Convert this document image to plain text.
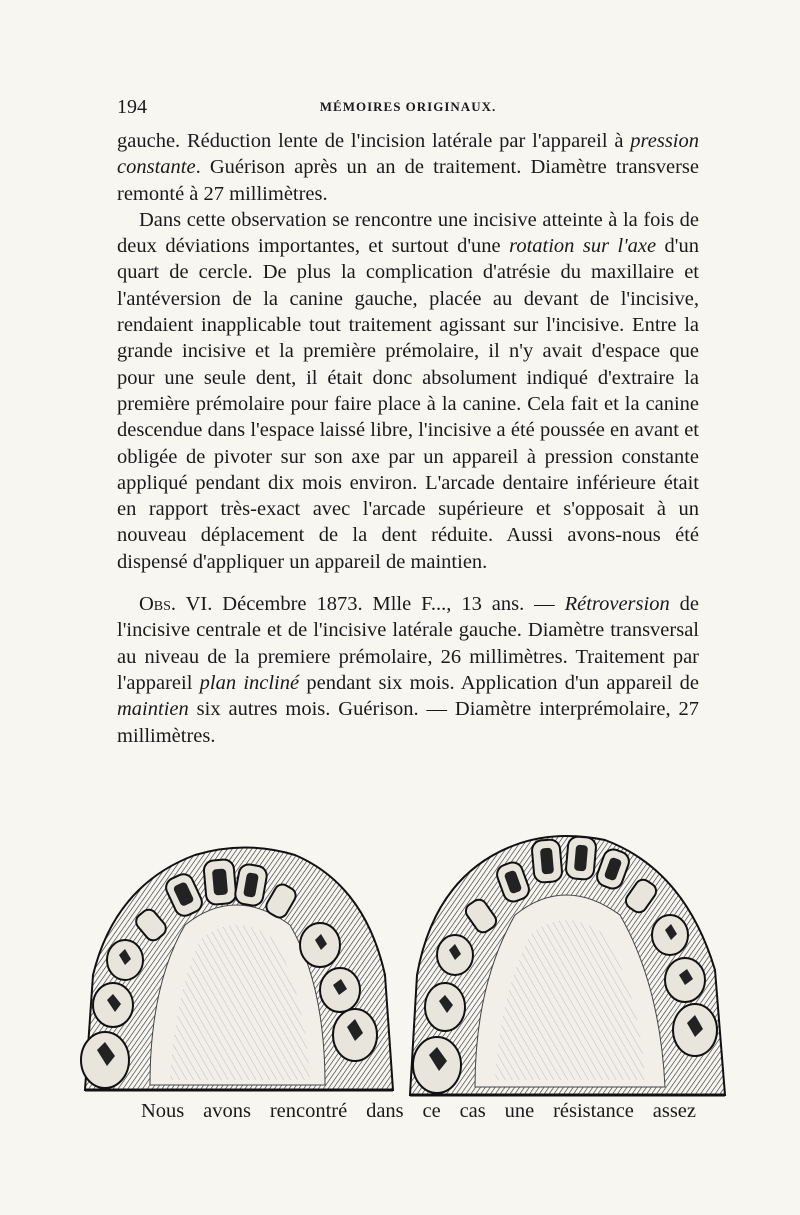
194	MÉMOIRES ORIGINAUX.

gauche. Réduction lente de l'incision latérale par l'appareil à pression constante. Guérison après un an de traitement. Diamètre transverse remonté à 27 millimètres.

Dans cette observation se rencontre une incisive atteinte à la fois de deux déviations importantes, et surtout d'une rotation sur l'axe d'un quart de cercle. De plus la complication d'atrésie du maxillaire et l'antéversion de la canine gauche, placée au devant de l'incisive, rendaient inapplicable tout traitement agissant sur l'incisive. Entre la grande incisive et la première prémolaire, il n'y avait d'espace que pour une seule dent, il était donc absolument indiqué d'extraire la première prémolaire pour faire place à la canine. Cela fait et la canine descendue dans l'espace laissé libre, l'incisive a été poussée en avant et obligée de pivoter sur son axe par un appareil à pression constante appliqué pendant dix mois environ. L'arcade dentaire inférieure était en rapport très-exact avec l'arcade supérieure et s'opposait à un nouveau déplacement de la dent réduite. Aussi avons-nous été dispensé d'appliquer un appareil de maintien.

Obs. VI. Décembre 1873. Mlle F..., 13 ans. — Rétroversion de l'incisive centrale et de l'incisive latérale gauche. Diamètre transversal au niveau de la premiere prémolaire, 26 millimètres. Traitement par l'appareil plan incliné pendant six mois. Application d'un appareil de maintien six autres mois. Guérison. — Diamètre interprémolaire, 27 millimètres.

Nous avons rencontré dans ce cas une résistance assez
